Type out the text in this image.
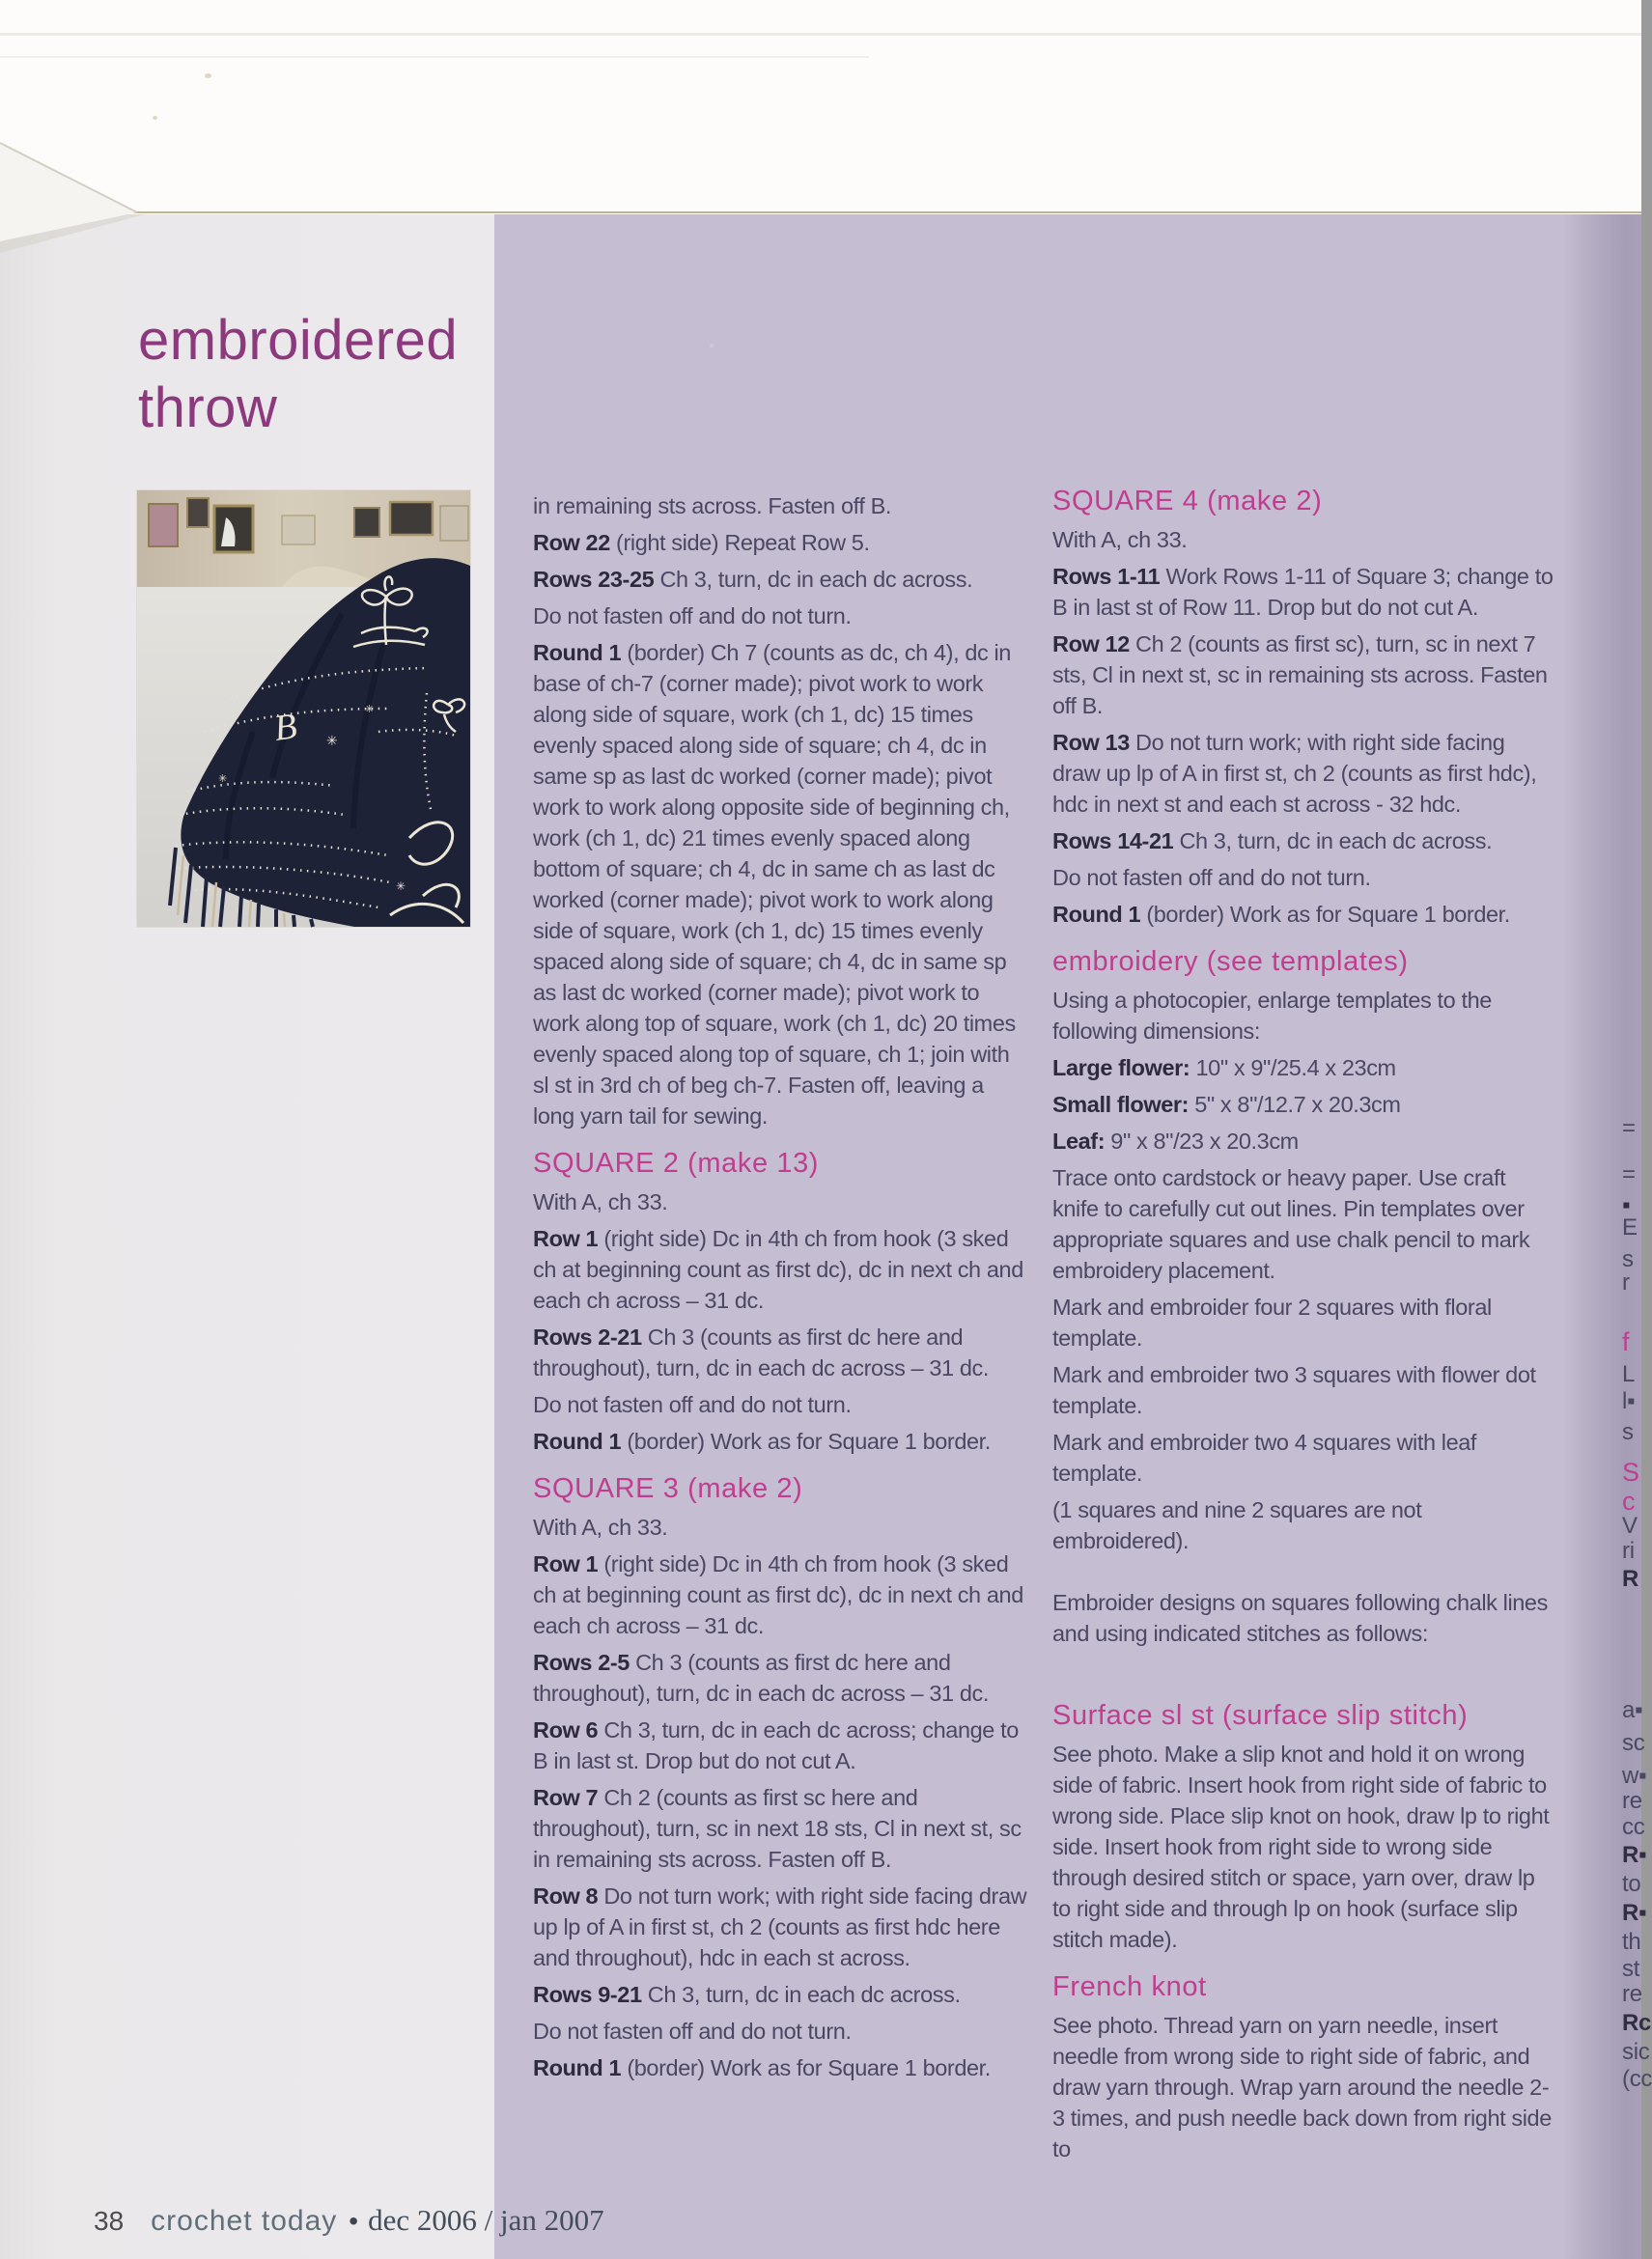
embroidered
throw
B ✳
✳
✳
✳

in remaining sts across. Fasten off B.

Row 22 (right side) Repeat Row 5.

Rows 23-25 Ch 3, turn, dc in each dc across.

Do not fasten off and do not turn.

Round 1 (border) Ch 7 (counts as dc, ch 4), dc in base of ch-7 (corner made); pivot work to work along side of square, work (ch 1, dc) 15 times evenly spaced along side of square; ch 4, dc in same sp as last dc worked (corner made); pivot work to work along opposite side of beginning ch, work (ch 1, dc) 21 times evenly spaced along bottom of square; ch 4, dc in same ch as last dc worked (corner made); pivot work to work along side of square, work (ch 1, dc) 15 times evenly spaced along side of square; ch 4, dc in same sp as last dc worked (corner made); pivot work to work along top of square, work (ch 1, dc) 20 times evenly spaced along top of square, ch 1; join with sl st in 3rd ch of beg ch-7. Fasten off, leaving a long yarn tail for sewing.

SQUARE 2 (make 13)

With A, ch 33.

Row 1 (right side) Dc in 4th ch from hook (3 sked ch at beginning count as first dc), dc in next ch and each ch across – 31 dc.

Rows 2-21 Ch 3 (counts as first dc here and throughout), turn, dc in each dc across – 31 dc.

Do not fasten off and do not turn.

Round 1 (border) Work as for Square 1 border.

SQUARE 3 (make 2)

With A, ch 33.

Row 1 (right side) Dc in 4th ch from hook (3 sked ch at beginning count as first dc), dc in next ch and each ch across – 31 dc.

Rows 2-5 Ch 3 (counts as first dc here and throughout), turn, dc in each dc across – 31 dc.

Row 6 Ch 3, turn, dc in each dc across; change to B in last st. Drop but do not cut A.

Row 7 Ch 2 (counts as first sc here and throughout), turn, sc in next 18 sts, Cl in next st, sc in remaining sts across. Fasten off B.

Row 8 Do not turn work; with right side facing draw up lp of A in first st, ch 2 (counts as first hdc here and throughout), hdc in each st across.

Rows 9-21 Ch 3, turn, dc in each dc across.

Do not fasten off and do not turn.

Round 1 (border) Work as for Square 1 border.

SQUARE 4 (make 2)

With A, ch 33.

Rows 1-11 Work Rows 1-11 of Square 3; change to B in last st of Row 11. Drop but do not cut A.

Row 12 Ch 2 (counts as first sc), turn, sc in next 7 sts, Cl in next st, sc in remaining sts across. Fasten off B.

Row 13 Do not turn work; with right side facing draw up lp of A in first st, ch 2 (counts as first hdc), hdc in next st and each st across - 32 hdc.

Rows 14-21 Ch 3, turn, dc in each dc across.

Do not fasten off and do not turn.

Round 1 (border) Work as for Square 1 border.

embroidery (see templates)

Using a photocopier, enlarge templates to the following dimensions:

Large flower: 10" x 9"/25.4 x 23cm

Small flower: 5" x 8"/12.7 x 20.3cm

Leaf: 9" x 8"/23 x 20.3cm

Trace onto cardstock or heavy paper. Use craft knife to carefully cut out lines. Pin templates over appropriate squares and use chalk pencil to mark embroidery placement.

Mark and embroider four 2 squares with floral template.

Mark and embroider two 3 squares with flower dot template.

Mark and embroider two 4 squares with leaf template.

(1 squares and nine 2 squares are not embroidered).

Embroider designs on squares following chalk lines and using indicated stitches as follows:

Surface sl st (surface slip stitch)

See photo. Make a slip knot and hold it on wrong side of fabric. Insert hook from right side of fabric to wrong side. Place slip knot on hook, draw lp to right side. Insert hook from right side to wrong side through desired stitch or space, yarn over, draw lp to right side and through lp on hook (surface slip stitch made).

French knot

See photo. Thread yarn on yarn needle, insert needle from wrong side to right side of fabric, and draw yarn through. Wrap yarn around the needle 2-3 times, and push needle back down from right side to

=
=
▪
E
s
r
f
L
l▪
s
S
c
V
ri
R
a▪
sc
w▪
re
cc
R▪
to
R▪
th
st
re
Rc
sic
(cc
38 crochet today • dec 2006 / jan 2007
